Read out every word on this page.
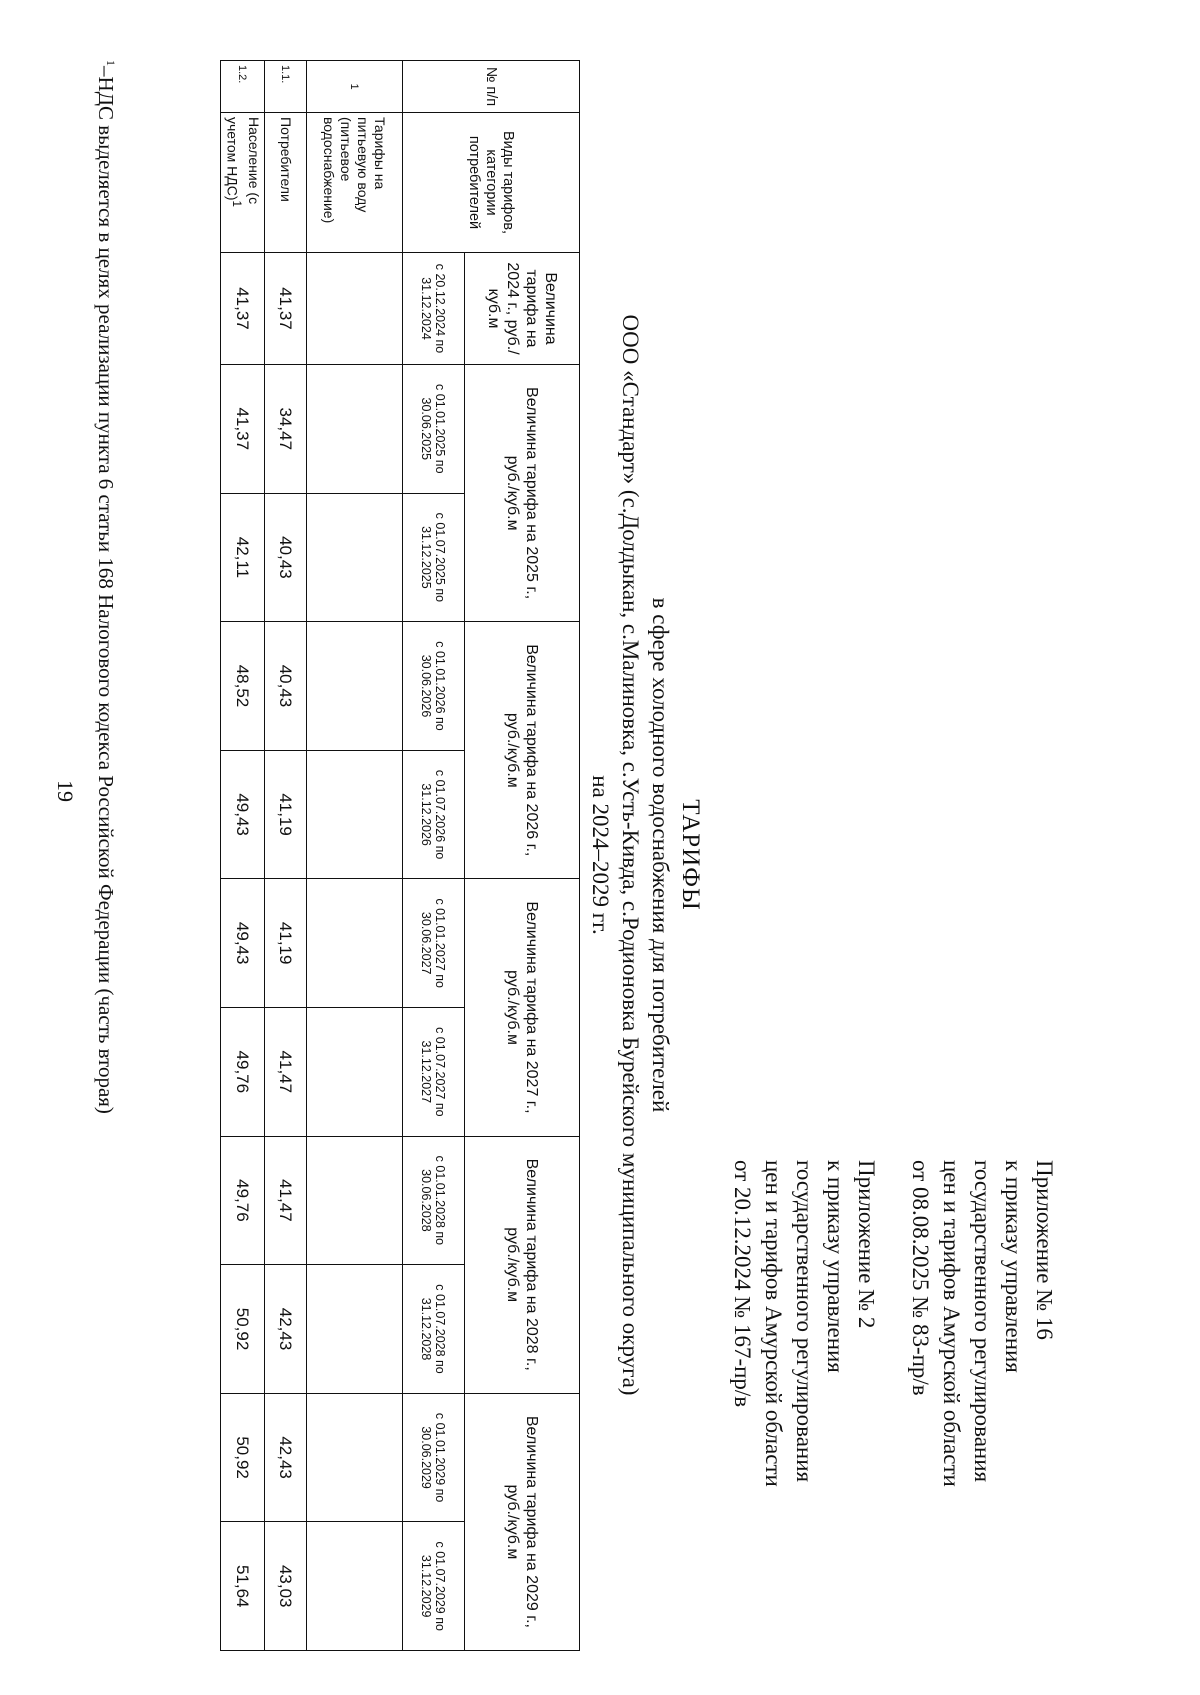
19
Приложение № 16
к приказу управления
государственного регулирования
цен и тарифов Амурской области
от 08.08.2025 № 83-пр/в
Приложение № 2
к приказу управления
государственного регулирования
цен и тарифов Амурской области
от 20.12.2024 № 167-пр/в
ТАРИФЫ
в сфере холодного водоснабжения для потребителей
ООО «Стандарт» (с.Долдыкан, с.Малиновка, с.Усть-Кивда, с.Родионовка Бурейского муниципального округа)
на 2024–2029 гг.
№ п/п	Виды тарифов, категории потребителей	Величина тарифа на 2024 г., руб./куб.м	Величина тарифа на 2025 г., руб./куб.м		Величина тарифа на 2026 г., руб./куб.м		Величина тарифа на 2027 г., руб./куб.м		Величина тарифа на 2028 г., руб./куб.м		Величина тарифа на 2029 г., руб./куб.м	
		с 20.12.2024 по 31.12.2024	с 01.01.2025 по 30.06.2025	с 01.07.2025 по 31.12.2025	с 01.01.2026 по 30.06.2026	с 01.07.2026 по 31.12.2026	с 01.01.2027 по 30.06.2027	с 01.07.2027 по 31.12.2027	с 01.01.2028 по 30.06.2028	с 01.07.2028 по 31.12.2028	с 01.01.2029 по 30.06.2029	с 01.07.2029 по 31.12.2029
1	Тарифы на питьевую воду (питьевое водоснабжение)											
1.1.	Потребители	41,37	34,47	40,43	40,43	41,19	41,19	41,47	41,47	42,43	42,43	43,03
1.2.	Население (с учетом НДС)$^1$	41,37	41,37	42,11	48,52	49,43	49,43	49,76	49,76	50,92	50,92	51,64
$^1$–НДС выделяется в целях реализации пункта 6 статьи 168 Налогового кодекса Российской Федерации (часть вторая)
